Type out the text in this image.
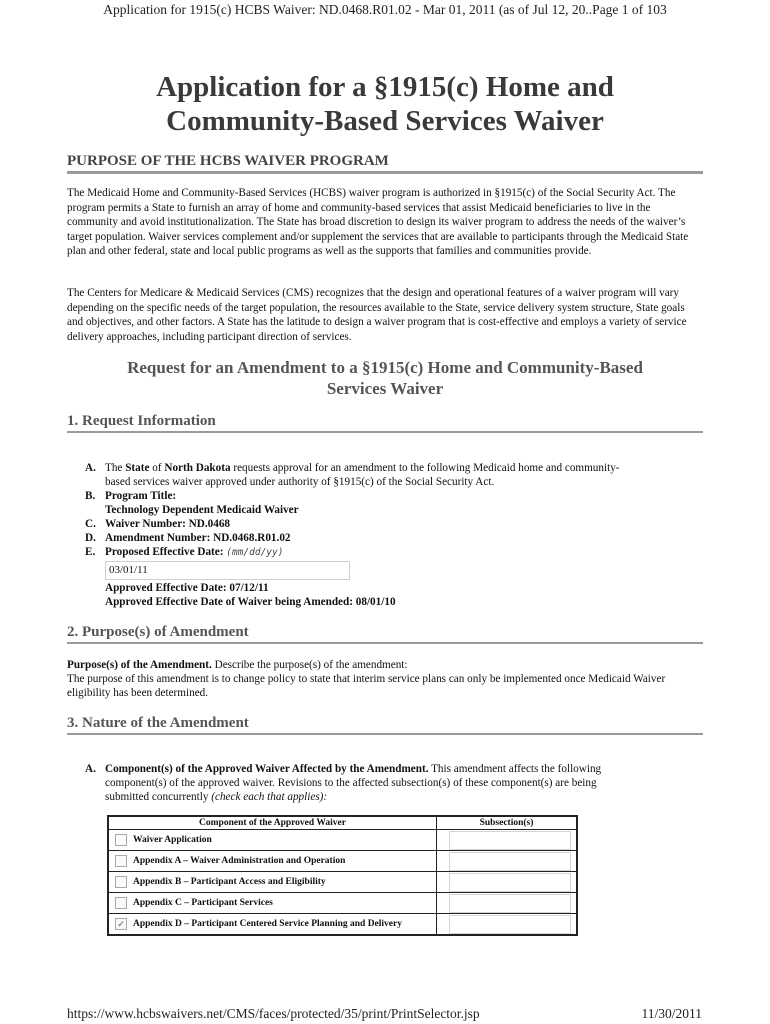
Application for 1915(c) HCBS Waiver: ND.0468.R01.02 - Mar 01, 2011 (as of Jul 12, 20..Page 1 of 103
Application for a §1915(c) Home and
Community-Based Services Waiver
PURPOSE OF THE HCBS WAIVER PROGRAM
The Medicaid Home and Community-Based Services (HCBS) waiver program is authorized in §1915(c) of the Social Security Act. The program permits a State to furnish an array of home and community-based services that assist Medicaid beneficiaries to live in the community and avoid institutionalization. The State has broad discretion to design its waiver program to address the needs of the waiver’s target population. Waiver services complement and/or supplement the services that are available to participants through the Medicaid State plan and other federal, state and local public programs as well as the supports that families and communities provide.
The Centers for Medicare & Medicaid Services (CMS) recognizes that the design and operational features of a waiver program will vary depending on the specific needs of the target population, the resources available to the State, service delivery system structure, State goals and objectives, and other factors. A State has the latitude to design a waiver program that is cost-effective and employs a variety of service delivery approaches, including participant direction of services.
Request for an Amendment to a §1915(c) Home and Community-Based
Services Waiver
1. Request Information
A. The State of North Dakota requests approval for an amendment to the following Medicaid home and community-
based services waiver approved under authority of §1915(c) of the Social Security Act.
B. Program Title:
Technology Dependent Medicaid Waiver
C. Waiver Number: ND.0468
D. Amendment Number: ND.0468.R01.02
E. Proposed Effective Date: (mm/dd/yy)
03/01/11
Approved Effective Date: 07/12/11
Approved Effective Date of Waiver being Amended: 08/01/10
2. Purpose(s) of Amendment
Purpose(s) of the Amendment. Describe the purpose(s) of the amendment:
The purpose of this amendment is to change policy to state that interim service plans can only be implemented once Medicaid Waiver eligibility has been determined.
3. Nature of the Amendment
A. Component(s) of the Approved Waiver Affected by the Amendment. This amendment affects the following
component(s) of the approved waiver. Revisions to the affected subsection(s) of these component(s) are being
submitted concurrently (check each that applies):
Component of the Approved Waiver	Subsection(s)

Waiver Application	

Appendix A – Waiver Administration and Operation	

Appendix B – Participant Access and Eligibility	

Appendix C – Participant Services	

✓ Appendix D – Participant Centered Service Planning and Delivery	

https://www.hcbswaivers.net/CMS/faces/protected/35/print/PrintSelector.jsp	11/30/2011
